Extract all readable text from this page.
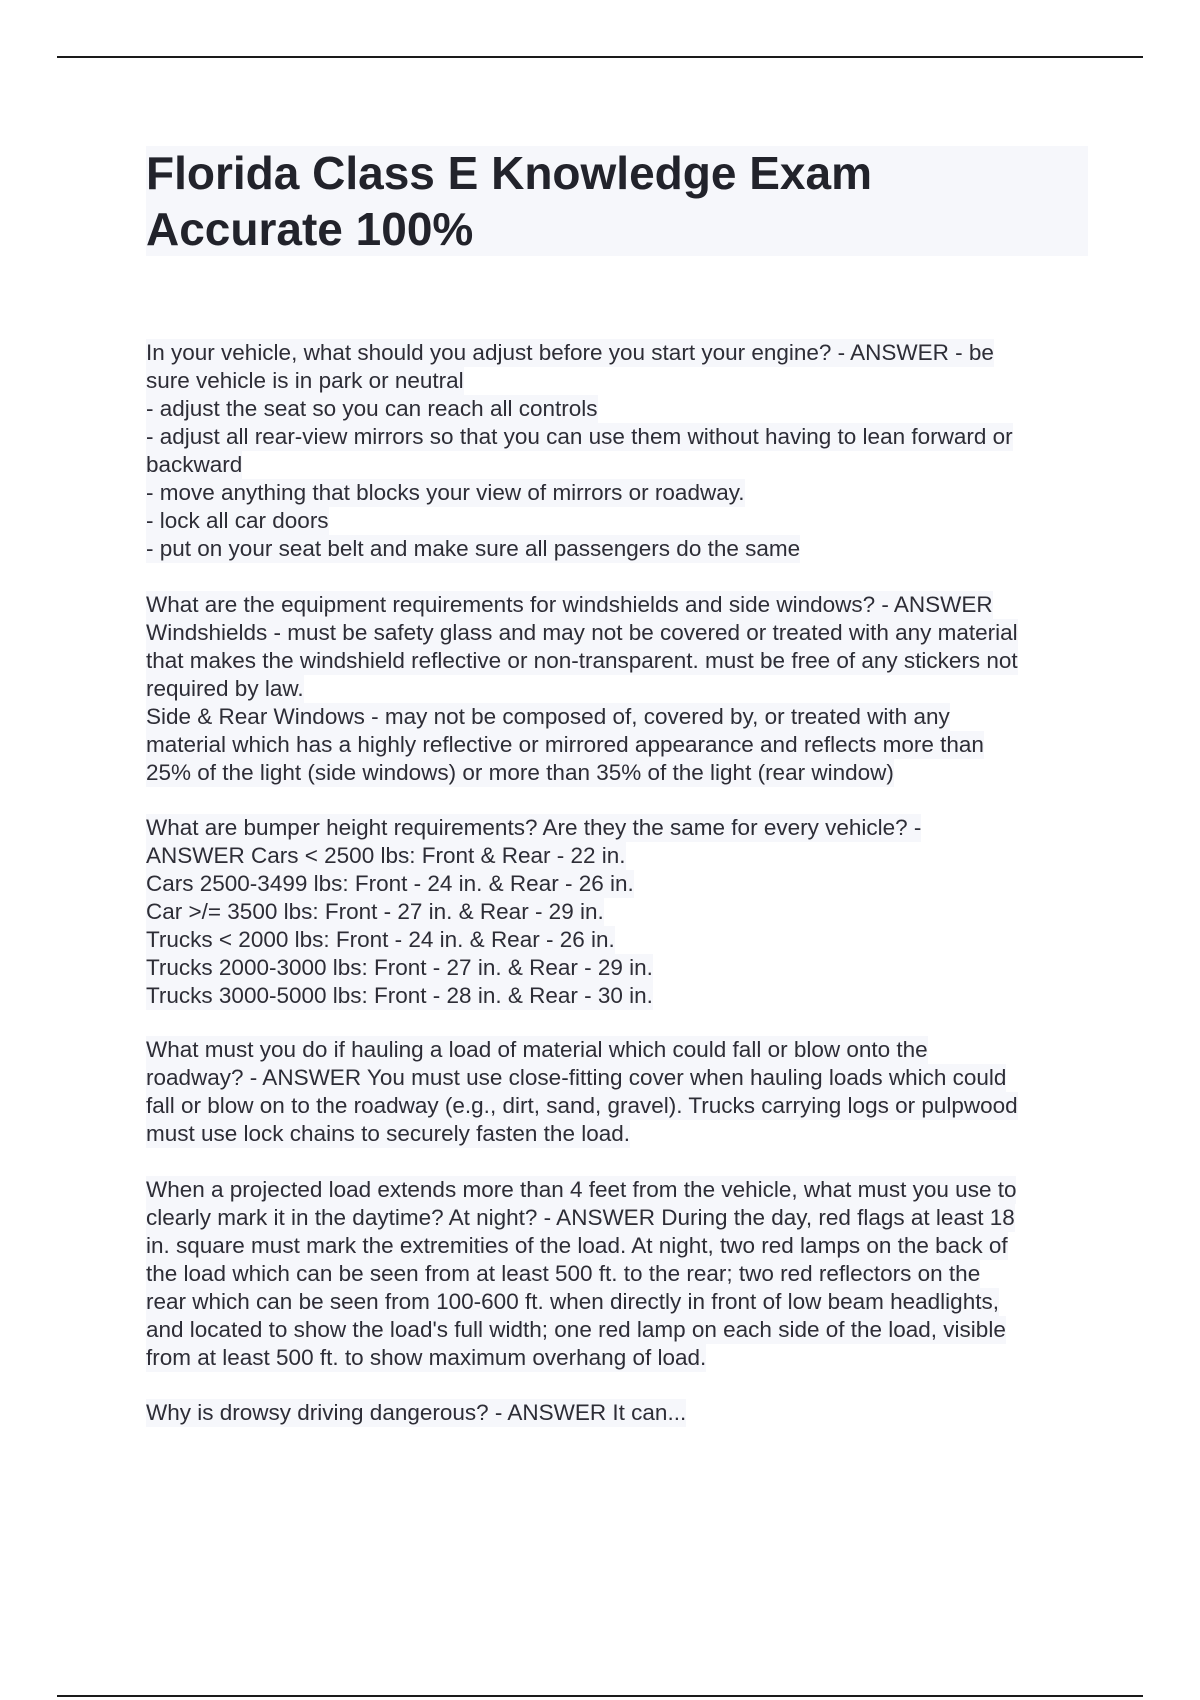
Florida Class E Knowledge Exam
Accurate 100%
In your vehicle, what should you adjust before you start your engine? - ANSWER - be
sure vehicle is in park or neutral
- adjust the seat so you can reach all controls
- adjust all rear-view mirrors so that you can use them without having to lean forward or
backward
- move anything that blocks your view of mirrors or roadway.
- lock all car doors
- put on your seat belt and make sure all passengers do the same
What are the equipment requirements for windshields and side windows? - ANSWER
Windshields - must be safety glass and may not be covered or treated with any material
that makes the windshield reflective or non-transparent. must be free of any stickers not
required by law.
Side & Rear Windows - may not be composed of, covered by, or treated with any
material which has a highly reflective or mirrored appearance and reflects more than
25% of the light (side windows) or more than 35% of the light (rear window)
What are bumper height requirements? Are they the same for every vehicle? -
ANSWER Cars < 2500 lbs: Front & Rear - 22 in.
Cars 2500-3499 lbs: Front - 24 in. & Rear - 26 in.
Car >/= 3500 lbs: Front - 27 in. & Rear - 29 in.
Trucks < 2000 lbs: Front - 24 in. & Rear - 26 in.
Trucks 2000-3000 lbs: Front - 27 in. & Rear - 29 in.
Trucks 3000-5000 lbs: Front - 28 in. & Rear - 30 in.
What must you do if hauling a load of material which could fall or blow onto the
roadway? - ANSWER You must use close-fitting cover when hauling loads which could
fall or blow on to the roadway (e.g., dirt, sand, gravel). Trucks carrying logs or pulpwood
must use lock chains to securely fasten the load.
When a projected load extends more than 4 feet from the vehicle, what must you use to
clearly mark it in the daytime? At night? - ANSWER During the day, red flags at least 18
in. square must mark the extremities of the load. At night, two red lamps on the back of
the load which can be seen from at least 500 ft. to the rear; two red reflectors on the
rear which can be seen from 100-600 ft. when directly in front of low beam headlights,
and located to show the load's full width; one red lamp on each side of the load, visible
from at least 500 ft. to show maximum overhang of load.
Why is drowsy driving dangerous? - ANSWER It can...
